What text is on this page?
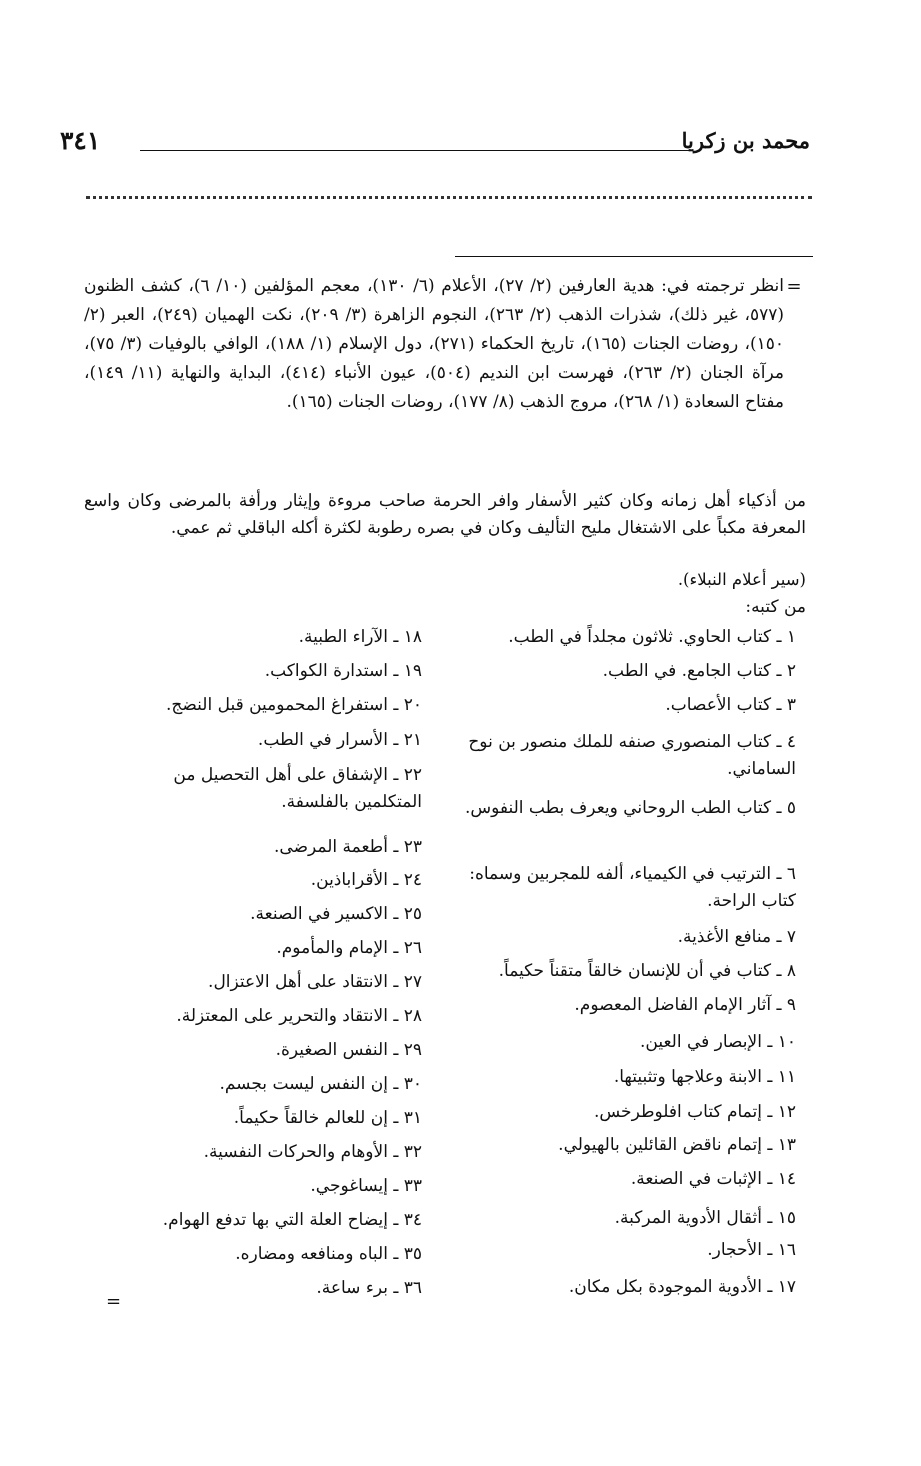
محمد بن زكريا
٣٤١
=

انظر ترجمته في: هدية العارفين (٢/ ٢٧)، الأعلام (٦/ ١٣٠)، معجم المؤلفين (١٠/ ٦)، كشف الظنون (٥٧٧، غير ذلك)، شذرات الذهب (٢/ ٢٦٣)، النجوم الزاهرة (٣/ ٢٠٩)، نكت الهميان (٢٤٩)، العبر (٢/ ١٥٠)، روضات الجنات (١٦٥)، تاريخ الحكماء (٢٧١)، دول الإسلام (١/ ١٨٨)، الوافي بالوفيات (٣/ ٧٥)، مرآة الجنان (٢/ ٢٦٣)، فهرست ابن النديم (٥٠٤)، عيون الأنباء (٤١٤)، البداية والنهاية (١١/ ١٤٩)، مفتاح السعادة (١/ ٢٦٨)، مروج الذهب (٨/ ١٧٧)، روضات الجنات (١٦٥).

من أذكياء أهل زمانه وكان كثير الأسفار وافر الحرمة صاحب مروءة وإيثار ورأفة بالمرضى وكان واسع المعرفة مكباً على الاشتغال مليح التأليف وكان في بصره رطوبة لكثرة أكله الباقلي ثم عمي.

(سير أعلام النبلاء).

من كتبه:

١ ـ كتاب الحاوي. ثلاثون مجلداً في الطب.
٢ ـ كتاب الجامع. في الطب.
٣ ـ كتاب الأعصاب.
٤ ـ كتاب المنصوري صنفه للملك منصور بن نوح الساماني.
٥ ـ كتاب الطب الروحاني ويعرف بطب النفوس.
٦ ـ الترتيب في الكيمياء، ألفه للمجربين وسماه: كتاب الراحة.
٧ ـ منافع الأغذية.
٨ ـ كتاب في أن للإنسان خالقاً متقناً حكيماً.
٩ ـ آثار الإمام الفاضل المعصوم.
١٠ ـ الإبصار في العين.
١١ ـ الابنة وعلاجها وتثبيتها.
١٢ ـ إتمام كتاب افلوطرخس.
١٣ ـ إتمام ناقض القائلين بالهيولي.
١٤ ـ الإثبات في الصنعة.
١٥ ـ أثقال الأدوية المركبة.
١٦ ـ الأحجار.
١٧ ـ الأدوية الموجودة بكل مكان.
١٨ ـ الآراء الطبية.
١٩ ـ استدارة الكواكب.
٢٠ ـ استفراغ المحمومين قبل النضج.
٢١ ـ الأسرار في الطب.
٢٢ ـ الإشفاق على أهل التحصيل من المتكلمين بالفلسفة.
٢٣ ـ أطعمة المرضى.
٢٤ ـ الأقراباذين.
٢٥ ـ الاكسير في الصنعة.
٢٦ ـ الإمام والمأموم.
٢٧ ـ الانتقاد على أهل الاعتزال.
٢٨ ـ الانتقاد والتحرير على المعتزلة.
٢٩ ـ النفس الصغيرة.
٣٠ ـ إن النفس ليست بجسم.
٣١ ـ إن للعالم خالقاً حكيماً.
٣٢ ـ الأوهام والحركات النفسية.
٣٣ ـ إيساغوجي.
٣٤ ـ إيضاح العلة التي بها تدفع الهوام.
٣٥ ـ الباه ومنافعه ومضاره.
٣٦ ـ برء ساعة.
=
